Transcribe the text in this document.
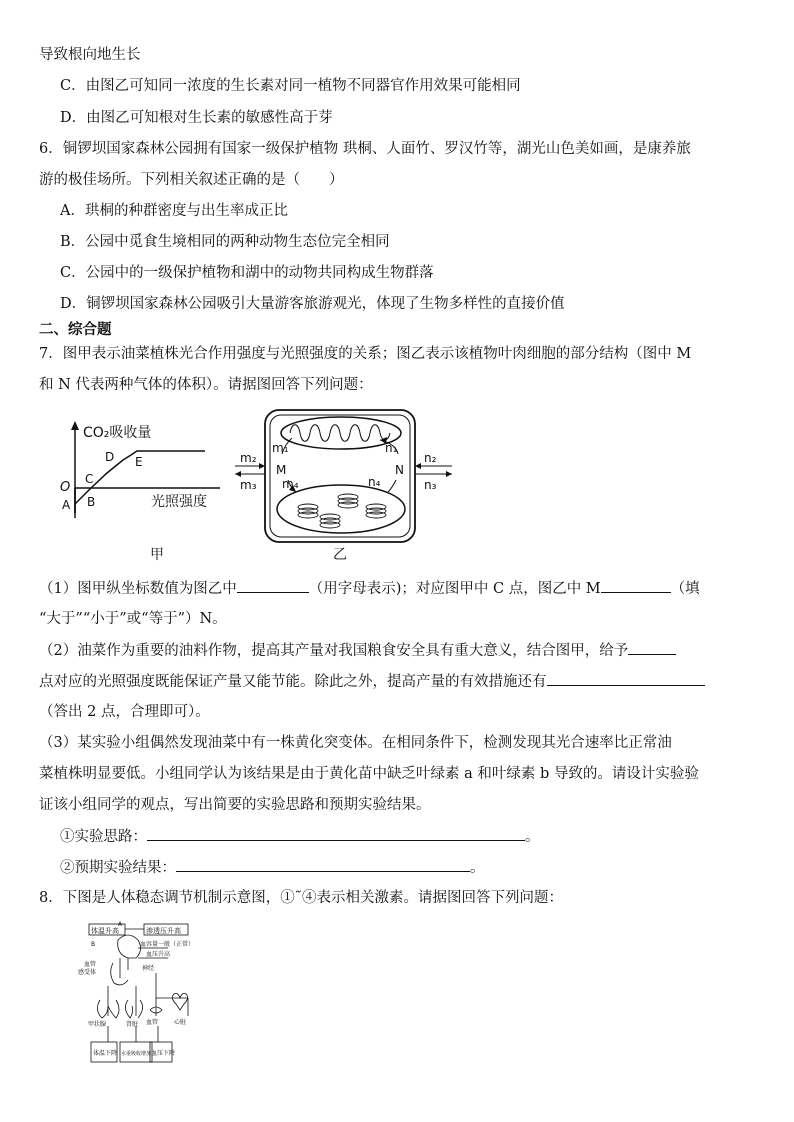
导致根向地生长
C．由图乙可知同一浓度的生长素对同一植物不同器官作用效果可能相同
D．由图乙可知根对生长素的敏感性高于芽
6．铜锣坝国家森林公园拥有国家一级保护植物 珙桐、人面竹、罗汉竹等，湖光山色美如画，是康养旅
游的极佳场所。下列相关叙述正确的是（　　）
A．珙桐的种群密度与出生率成正比
B．公园中觅食生境相同的两种动物生态位完全相同
C．公园中的一级保护植物和湖中的动物共同构成生物群落
D．铜锣坝国家森林公园吸引大量游客旅游观光，体现了生物多样性的直接价值
二、综合题
7．图甲表示油菜植株光合作用强度与光照强度的关系；图乙表示该植物叶肉细胞的部分结构（图中 M
和 N 代表两种气体的体积）。请据图回答下列问题：
CO₂吸收量
光照强度
O
A B
C
D E
甲
m₂
m₃
n₂
n₃
m₁
M
m₄
n₁
N
n₄
乙
（1）图甲纵坐标数值为图乙中	（用字母表示)；对应图甲中 C 点，图乙中 M	（填
“大于”“小于”或“等于”）N。
（2）油菜作为重要的油料作物，提高其产量对我国粮食安全具有重大意义，结合图甲，给予
点对应的光照强度既能保证产量又能节能。除此之外，提高产量的有效措施还有
（答出 2 点，合理即可）。
（3）某实验小组偶然发现油菜中有一株黄化突变体。在相同条件下，检测发现其光合速率比正常油
菜植株明显要低。小组同学认为该结果是由于黄化苗中缺乏叶绿素 a 和叶绿素 b 导致的。请设计实验验
证该小组同学的观点，写出简要的实验思路和预期实验结果。
①实验思路：	。
②预期实验结果：	。
8．下图是人体稳态调节机制示意图，①˜④表示相关激素。请据图回答下列问题：
体温升高	渗透压升高
A
B	血容量一般（正常）
血压升高
血管
感受体
神经
甲状腺	肾脏 血管	心脏
体温下降 水重吸收增加 血压下降
